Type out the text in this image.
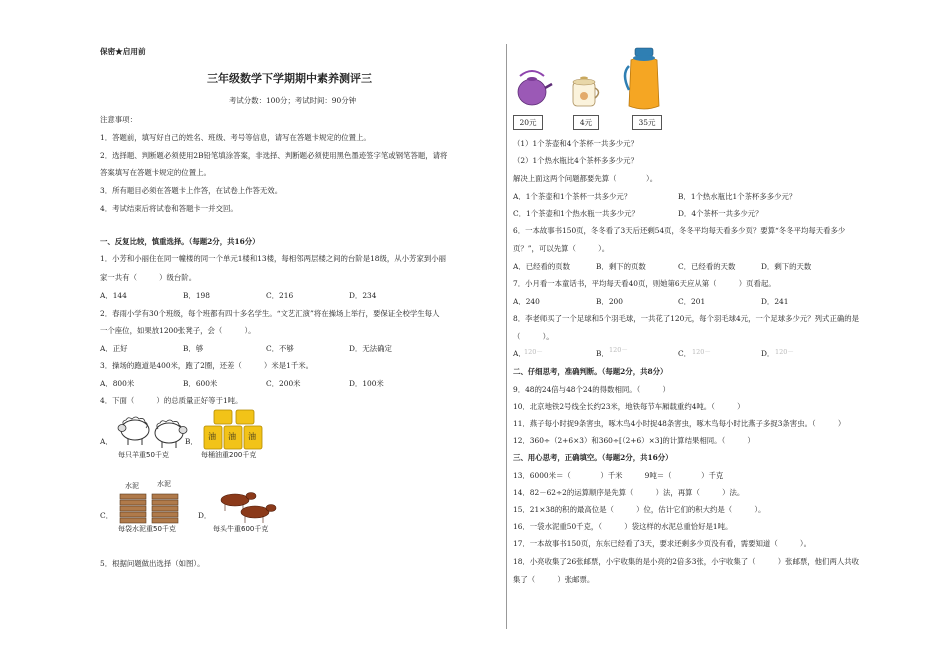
保密★启用前
三年级数学下学期期中素养测评三
考试分数：100分；考试时间：90分钟
注意事项：
1．答题前，填写好自己的姓名、班级、考号等信息，请写在答题卡规定的位置上。
2．选择题、判断题必须使用2B铅笔填涂答案，非选择、判断题必须使用黑色墨迹签字笔或钢笔答题，请将
答案填写在答题卡规定的位置上。
3．所有题目必须在答题卡上作答，在试卷上作答无效。
4．考试结束后将试卷和答题卡一并交回。
一、反复比较，慎重选择。（每题2分，共16分）
1．小芳和小丽住在同一幢楼的同一个单元1楼和13楼，每相邻两层楼之间的台阶是18级，从小芳家到小丽
家一共有（　　　）级台阶。
A．144	B．198	C．216	D．234
2．春雨小学有30个班级，每个班都有四十多名学生。“文艺汇演”将在操场上举行，要保证全校学生每人
一个座位，如果放1200张凳子，会（　　　）。
A．正好	B．够	C．不够	D．无法确定
3．操场的跑道是400米，跑了2圈，还差（　　　）米是1千米。
A．800米	B．600米	C．200米	D．100米
4．下面（　　　）的总质量正好等于1吨。
A．
每只羊重50千克
B．
油 油 油
每桶油重200千克
C．
水泥	水泥
每袋水泥重50千克
D．
每头牛重600千克
5．根据问题做出选择（如图）。
20元	4元	35元
（1）1个茶壶和4个茶杯一共多少元？
（2）1个热水瓶比4个茶杯多多少元？
解决上面这两个问题都要先算（　　　　）。
A．1个茶壶和1个茶杯一共多少元？	B．1个热水瓶比1个茶杯多多少元？
C．1个茶壶和1个热水瓶一共多少元？	D．4个茶杯一共多少元？
6．一本故事书150页，冬冬看了3天后还剩54页，冬冬平均每天看多少页？要算“冬冬平均每天看多少
页？”，可以先算（　　　）。
A．已经看的页数	B．剩下的页数	C．已经看的天数	D．剩下的天数
7．小月看一本童话书，平均每天看40页，则她第6天应从第（　　　）页看起。
A．240	B．200	C．201	D．241
8．李老师买了一个足球和5个羽毛球，一共花了120元，每个羽毛球4元，一个足球多少元？列式正确的是
（　　　）。
A．
120－	B． 120－	C． 120－	D． 120－
二、仔细思考，准确判断。（每题2分，共8分）
9．48的24倍与48个24的得数相同。（　　　）
10．北京地铁2号线全长约23米，地铁每节车厢载重约4吨。（　　　）
11．燕子每小时捉9条害虫，啄木鸟4小时捉48条害虫，啄木鸟每小时比燕子多捉3条害虫。（　　　）
12．360÷（2+6×3）和360÷[（2+6）×3]的计算结果相同。（　　　）
三、用心思考，正确填空。（每题2分，共16分）
13．6000米＝（　　　　）千米　　　9吨＝（　　　　）千克
14．82－62÷2的运算顺序是先算（　　　）法，再算（　　　）法。
15．21×38的积的最高位是（　　　）位，估计它们的积大约是（　　　）。
16．一袋水泥重50千克，（　　　）袋这样的水泥总重恰好是1吨。
17．一本故事书150页，东东已经看了3天，要求还剩多少页没有看，需要知道（　　　）。
18．小亮收集了26张邮票，小宇收集的是小亮的2倍多3张，小宇收集了（　　　）张邮票，他们两人共收
集了（　　　）张邮票。
